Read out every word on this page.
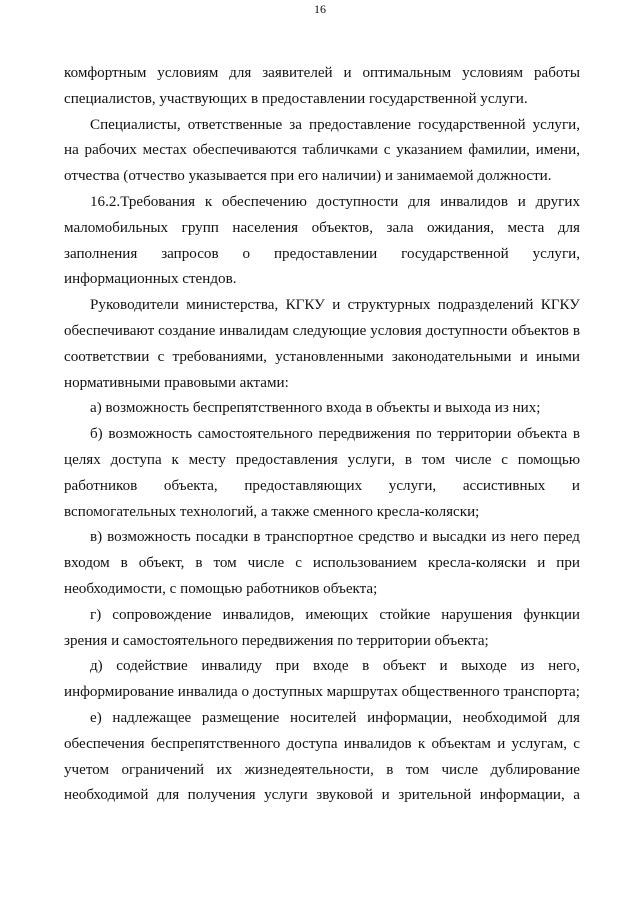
16

комфортным условиям для заявителей и оптимальным условиям работы специалистов, участвующих в предоставлении государственной услуги.

Специалисты, ответственные за предоставление государственной услуги, на рабочих местах обеспечиваются табличками с указанием фамилии, имени, отчества (отчество указывается при его наличии) и занимаемой должности.

16.2.Требования к обеспечению доступности для инвалидов и других маломобильных групп населения объектов, зала ожидания, места для заполнения запросов о предоставлении государственной услуги, информационных стендов.

Руководители министерства, КГКУ и структурных подразделений КГКУ обеспечивают создание инвалидам следующие условия доступности объектов в соответствии с требованиями, установленными законодательными и иными нормативными правовыми актами:

а) возможность беспрепятственного входа в объекты и выхода из них;

б) возможность самостоятельного передвижения по территории объекта в целях доступа к месту предоставления услуги, в том числе с помощью работников объекта, предоставляющих услуги, ассистивных и вспомогательных технологий, а также сменного кресла-коляски;

в) возможность посадки в транспортное средство и высадки из него перед входом в объект, в том числе с использованием кресла-коляски и при необходимости, с помощью работников объекта;

г) сопровождение инвалидов, имеющих стойкие нарушения функции зрения и самостоятельного передвижения по территории объекта;

д) содействие инвалиду при входе в объект и выходе из него, информирование инвалида о доступных маршрутах общественного транспорта;

е) надлежащее размещение носителей информации, необходимой для обеспечения беспрепятственного доступа инвалидов к объектам и услугам, с учетом ограничений их жизнедеятельности, в том числе дублирование необходимой для получения услуги звуковой и зрительной информации, а
